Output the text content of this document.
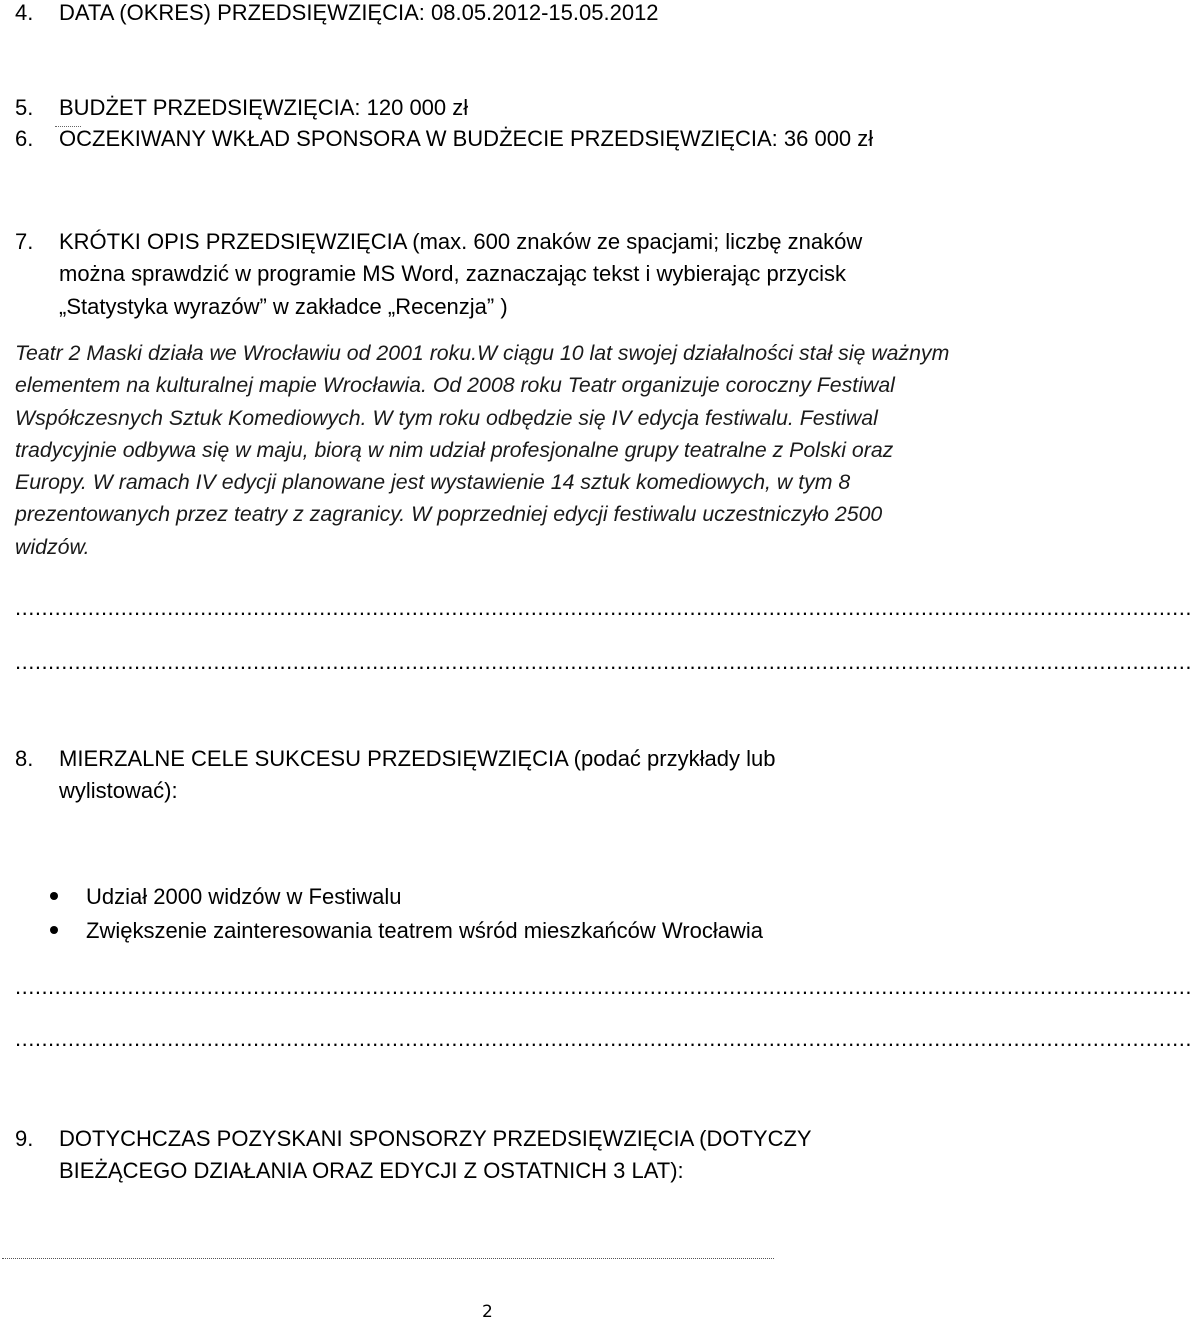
4. DATA (OKRES) PRZEDSIĘWZIĘCIA: 08.05.2012-15.05.2012

5. BUDŻET PRZEDSIĘWZIĘCIA: 120 000 zł

6. OCZEKIWANY WKŁAD SPONSORA W BUDŻECIE PRZEDSIĘWZIĘCIA: 36 000 zł

7. KRÓTKI OPIS PRZEDSIĘWZIĘCIA (max. 600 znaków ze spacjami; liczbę znaków

można sprawdzić w programie MS Word, zaznaczając tekst i wybierając przycisk

„Statystyka wyrazów” w zakładce „Recenzja” )

Teatr 2 Maski działa we Wrocławiu od 2001 roku.W ciągu 10 lat swojej działalności stał się ważnym elementem na kulturalnej mapie Wrocławia. Od 2008 roku Teatr organizuje coroczny Festiwal Współczesnych Sztuk Komediowych. W tym roku odbędzie się IV edycja festiwalu. Festiwal tradycyjnie odbywa się w maju, biorą w nim udział profesjonalne grupy teatralne z Polski oraz Europy. W ramach IV edycji planowane jest wystawienie 14 sztuk komediowych, w tym 8 prezentowanych przez teatry z zagranicy. W poprzedniej edycji festiwalu uczestniczyło 2500 widzów.

..................................................................................................................................................................................

..................................................................................................................................................................................

8. MIERZALNE CELE SUKCESU PRZEDSIĘWZIĘCIA (podać przykłady lub

wylistować):

Udział 2000 widzów w Festiwalu

Zwiększenie zainteresowania teatrem wśród mieszkańców Wrocławia

..................................................................................................................................................................................

..................................................................................................................................................................................

9. DOTYCHCZAS POZYSKANI SPONSORZY PRZEDSIĘWZIĘCIA (DOTYCZY

BIEŻĄCEGO DZIAŁANIA ORAZ EDYCJI Z OSTATNICH 3 LAT):

2
